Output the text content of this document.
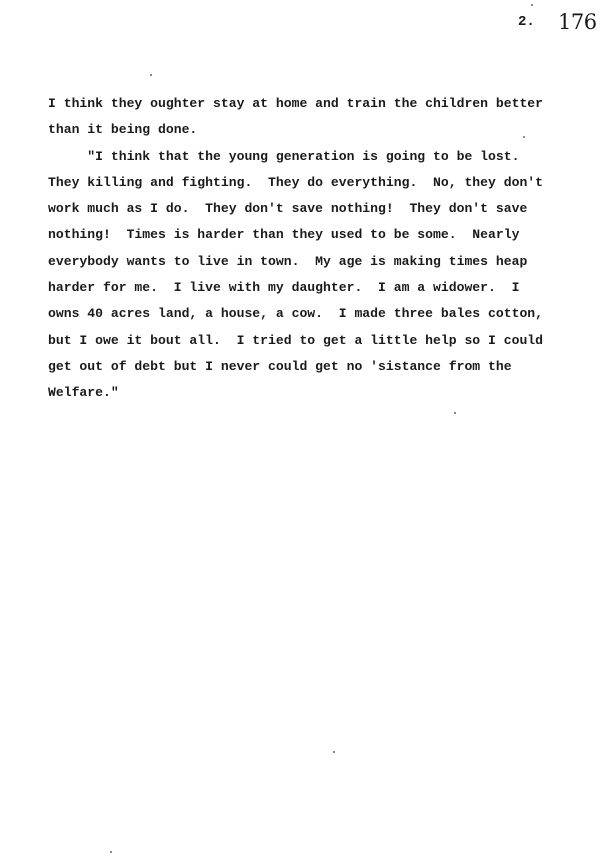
2. 176
I think they oughter stay at home and train the children better
than it being done.
"I think that the young generation is going to be lost.
They killing and fighting.  They do everything.  No, they don't
work much as I do.  They don't save nothing!  They don't save
nothing!  Times is harder than they used to be some.  Nearly
everybody wants to live in town.  My age is making times heap
harder for me.  I live with my daughter.  I am a widower.  I
owns 40 acres land, a house, a cow.  I made three bales cotton,
but I owe it bout all.  I tried to get a little help so I could
get out of debt but I never could get no 'sistance from the
Welfare."
